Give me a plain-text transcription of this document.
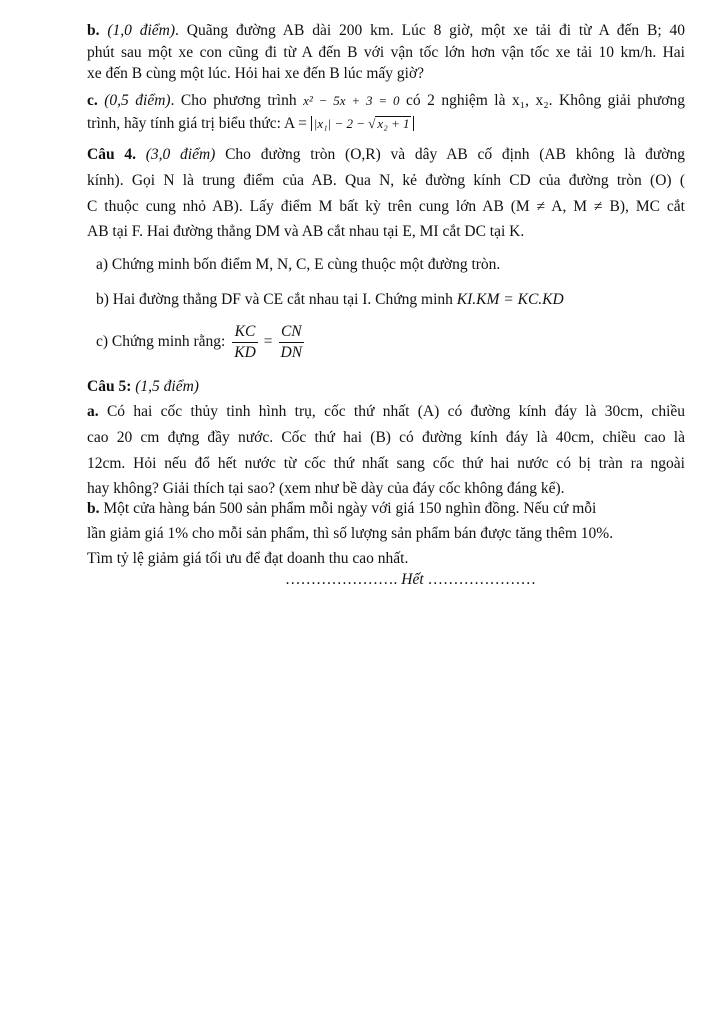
b. (1,0 điểm). Quãng đường AB dài 200 km. Lúc 8 giờ, một xe tải đi từ A đến B; 40
phút sau một xe con cũng đi từ A đến B với vận tốc lớn hơn vận tốc xe tải 10 km/h. Hai
xe đến B cùng một lúc. Hỏi hai xe đến B lúc mấy giờ?
c. (0,5 điểm). Cho phương trình x² − 5x + 3 = 0 có 2 nghiệm là x₁, x₂. Không giải phương
trình, hãy tính giá trị biểu thức: A = |x₁| − 2 − √ x₂ + 1
Câu 4. (3,0 điểm) Cho đường tròn (O,R) và dây AB cố định (AB không là đường
kính). Gọi N là trung điểm của AB. Qua N, kẻ đường kính CD của đường tròn (O) (
C thuộc cung nhỏ AB). Lấy điểm M bất kỳ trên cung lớn AB (M ≠ A, M ≠ B), MC cắt
AB tại F. Hai đường thẳng DM và AB cắt nhau tại E, MI cắt DC tại K.
a) Chứng minh bốn điểm M, N, C, E cùng thuộc một đường tròn.
b) Hai đường thẳng DF và CE cắt nhau tại I. Chứng minh KI.KM = KC.KD
c) Chứng minh rằng: $\frac{KC}{KD} = \frac{CN}{DN}$
Câu 5: (1,5 điểm)
a. Có hai cốc thủy tinh hình trụ, cốc thứ nhất (A) có đường kính đáy là 30cm, chiều
cao 20 cm đựng đầy nước. Cốc thứ hai (B) có đường kính đáy là 40cm, chiều cao là
12cm. Hỏi nếu đổ hết nước từ cốc thứ nhất sang cốc thứ hai nước có bị tràn ra ngoài
hay không? Giải thích tại sao? (xem như bề dày của đáy cốc không đáng kể).
b. Một cửa hàng bán 500 sản phẩm mỗi ngày với giá 150 nghìn đồng. Nếu cứ mỗi
lần giảm giá 1% cho mỗi sản phẩm, thì số lượng sản phẩm bán được tăng thêm 10%.
Tìm tỷ lệ giảm giá tối ưu để đạt doanh thu cao nhất.
…………………. Hết …………………
